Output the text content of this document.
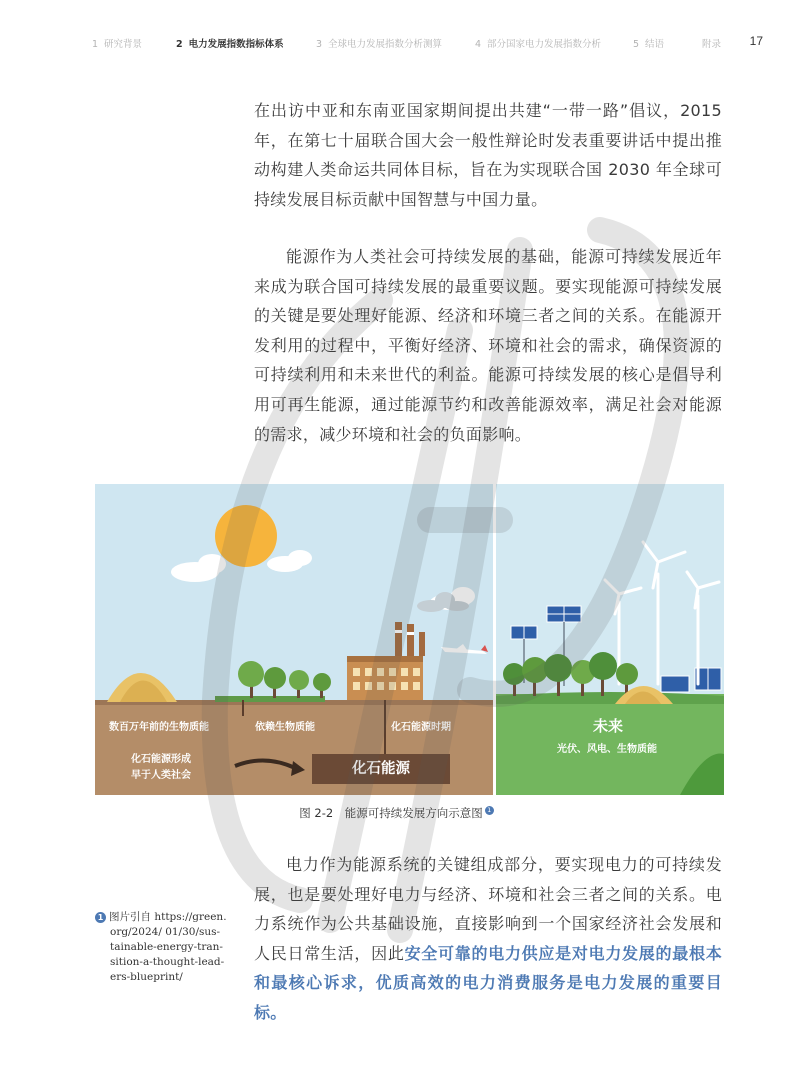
1 研究背景	2 电力发展指数指标体系	3 全球电力发展指数分析测算	4 部分国家电力发展指数分析	5 结语	附录 17

在出访中亚和东南亚国家期间提出共建“一带一路”倡议，2015年，在第七十届联合国大会一般性辩论时发表重要讲话中提出推动构建人类命运共同体目标，旨在为实现联合国 2030 年全球可持续发展目标贡献中国智慧与中国力量。

能源作为人类社会可持续发展的基础，能源可持续发展近年来成为联合国可持续发展的最重要议题。要实现能源可持续发展的关键是要处理好能源、经济和环境三者之间的关系。在能源开发利用的过程中，平衡好经济、环境和社会的需求，确保资源的可持续利用和未来世代的利益。能源可持续发展的核心是倡导利用可再生能源，通过能源节约和改善能源效率，满足社会对能源的需求，减少环境和社会的负面影响。

数百万年前的生物质能	依赖生物质能	化石能源时期
化石能源形成
早于人类社会	化石能源
未来
光伏、风电、生物质能
图 2-2　能源可持续发展方向示意图 1

电力作为能源系统的关键组成部分，要实现电力的可持续发展，也是要处理好电力与经济、环境和社会三者之间的关系。电力系统作为公共基础设施，直接影响到一个国家经济社会发展和人民日常生活，因此安全可靠的电力供应是对电力发展的最根本和最核心诉求，优质高效的电力消费服务是电力发展的重要目标。

1 图片引自 https://green.
org/2024/ 01/30/sus-
tainable-energy-tran-
sition-a-thought-lead-
ers-blueprint/
